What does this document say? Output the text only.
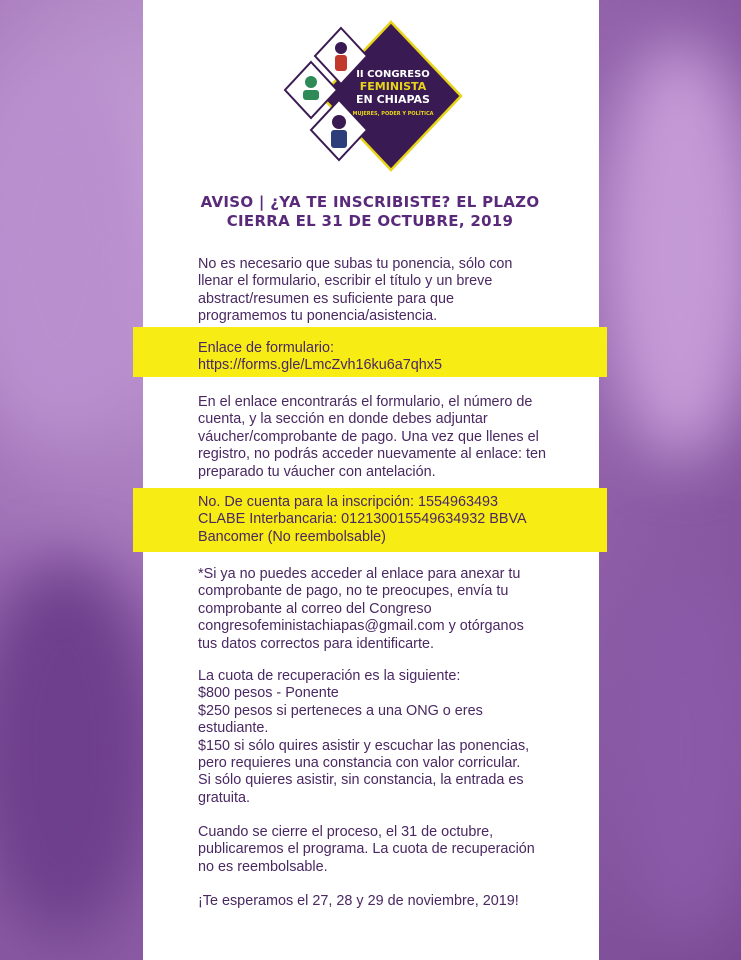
II CONGRESO
FEMINISTA
EN CHIAPAS
MUJERES, PODER Y POLÍTICA
AVISO | ¿YA TE INSCRIBISTE? EL PLAZO
CIERRA EL 31 DE OCTUBRE, 2019
No es necesario que subas tu ponencia, sólo con
llenar el formulario, escribir el título y un breve
abstract/resumen es suficiente para que
programemos tu ponencia/asistencia.
Enlace de formulario:
https://forms.gle/LmcZvh16ku6a7qhx5
En el enlace encontrarás el formulario, el número de
cuenta, y la sección en donde debes adjuntar
váucher/comprobante de pago. Una vez que llenes el
registro, no podrás acceder nuevamente al enlace: ten
preparado tu váucher con antelación.
No. De cuenta para la inscripción: 1554963493
CLABE Interbancaria: 012130015549634932 BBVA
Bancomer (No reembolsable)
*Si ya no puedes acceder al enlace para anexar tu
comprobante de pago, no te preocupes, envía tu
comprobante al correo del Congreso
congresofeministachiapas@gmail.com y otórganos
tus datos correctos para identificarte.
La cuota de recuperación es la siguiente:
$800 pesos - Ponente
$250 pesos si perteneces a una ONG o eres
estudiante.
$150 si sólo quires asistir y escuchar las ponencias,
pero requieres una constancia con valor corricular.
Si sólo quieres asistir, sin constancia, la entrada es
gratuita.
Cuando se cierre el proceso, el 31 de octubre,
publicaremos el programa. La cuota de recuperación
no es reembolsable.
¡Te esperamos el 27, 28 y 29 de noviembre, 2019!
